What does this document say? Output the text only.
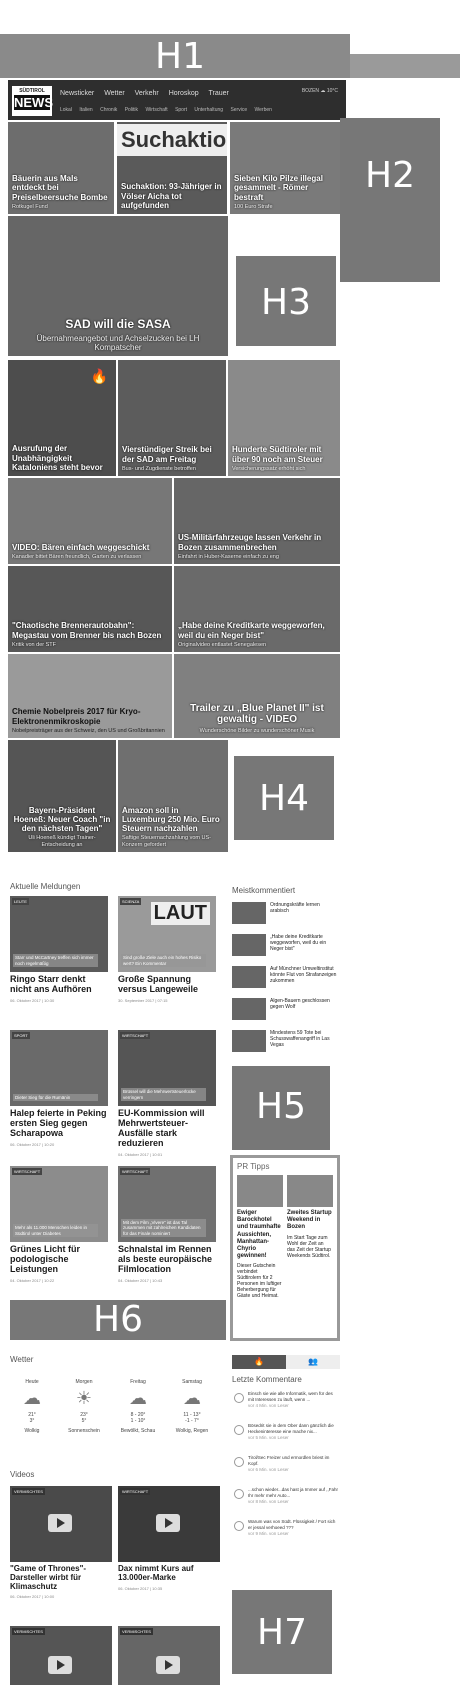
H1
SÜDTIROL
NEWS
Newsticker Wetter Verkehr Horoskop Trauer
Lokal Italien Chronik Politik Wirtschaft Sport Unterhaltung Service Werben
BOZEN ☁ 10°C
H2
Bäuerin aus Mals entdeckt bei Preiselbeersuche Bombe
Rotkugel Fund
Suchaktio
Suchaktion: 93-Jähriger in Völser Aicha tot aufgefunden
Sieben Kilo Pilze illegal gesammelt - Römer bestraft
100 Euro Strafe
SAD will die SASA
Übernahmeangebot und Achselzucken bei LH Kompatscher
H3
🔥
Ausrufung der Unabhängigkeit Kataloniens steht bevor
Vierstündiger Streik bei der SAD am Freitag
Bus- und Zugdienste betroffen
Hunderte Südtiroler mit über 90 noch am Steuer
Versicherungssatz erhöht sich
VIDEO: Bären einfach weggeschickt
Kanadier bittet Bären freundlich, Garten zu verlassen
US-Militärfahrzeuge lassen Verkehr in Bozen zusammenbrechen
Einfahrt in Huber-Kaserne einfach zu eng
"Chaotische Brennerautobahn": Megastau vom Brenner bis nach Bozen
Kritik von der STF
„Habe deine Kreditkarte weggeworfen, weil du ein Neger bist"
Originalvideo entlastet Senegalesen
Chemie Nobelpreis 2017 für Kryo-Elektronenmikroskopie
Nobelpreisträger aus der Schweiz, den US und Großbritannien
Trailer zu „Blue Planet II" ist gewaltig - VIDEO
Wunderschöne Bilder zu wunderschöner Musik
Bayern-Präsident Hoeneß: Neuer Coach "in den nächsten Tagen"
Uli Hoeneß kündigt Trainer-Entscheidung an
Amazon soll in Luxemburg 250 Mio. Euro Steuern nachzahlen
Saftige Steuernachzahlung vom US-Konzern gefordert
H4
Aktuelle Meldungen
LEUTE
Starr und McCartney treffen sich immer noch regelmäßig
Ringo Starr denkt nicht ans Aufhören
06. Oktober 2017 | 10:30
SCIENZA
LAUT
Sind große Ziele auch ein hohes Risiko wert? Ein Kommentar
Große Spannung versus Langeweile
30. September 2017 | 07:15
SPORT
Dieter Sieg für die Rumänin
Halep feierte in Peking ersten Sieg gegen Scharapowa
06. Oktober 2017 | 10:20
WIRTSCHAFT
Brüssel will die Mehrwertsteuerlücke verringern
EU-Kommission will Mehrwertsteuer-Ausfälle stark reduzieren
04. Oktober 2017 | 10:01
WIRTSCHAFT
Mehr als 11.000 Menschen leiden in Südtirol unter Diabetes
Grünes Licht für podologische Leistungen
04. Oktober 2017 | 10:22
WIRTSCHAFT
Mit dem Film „Vivere" ist das Tal zusammen mit zahlreichen Kandidaten für das Finale nominiert
Schnalstal im Rennen als beste europäische Filmlocation
04. Oktober 2017 | 10:43
H6
Meistkommentiert
Ordnungskräfte lernen arabisch
„Habe deine Kreditkarte weggeworfen, weil du ein Neger bist"
Auf Münchner Umweltinstitut könnte Flut von Strafanzeigen zukommen
Algen-Bauern geschlossen gegen Wolf
Mindestens 59 Tote bei Schusswaffenangriff in Las Vegas
H5
PR Tipps
Ewiger Barockhotel und traumhafte Aussichten, Manhattan-Chyrio gewinnen!
Dieser Gutschein verbindet Südtirolern für 2 Personen im luftiger Beherbergung für Gäste und Heimat.
Zweites Startup Weekend in Bozen
Im Start Tage zum Wohl der Zeit an das Zeit der Startup Weekends Südtirol.
Wetter
Heute
☁
21°
3°
Wolkig
Morgen
☀
23°
5°
Sonnenschein
Freitag
☁
8 - 20°
1 - 10°
Bewölkt, Schau
Samstag
☁
11 - 13°
-1 - 7°
Wolkig, Regen
🔥	👥
Letzte Kommentare
Einsch sie wie alle Informatik, wem für des mit Interessen zu läuft, wenn ...
vor 4 Min. von Leser
Bösedrit sie in dem Ober dann gänzlich die Heckeninteresse eine mache nix...
vor 5 Min. von Leser
Tirol/Sec Freizer und ermordlen briest im Kopf.
vor 6 Min. von Leser
...schon wieder...das hast ja Immer auf ,,Fahr Ihr mehr mehr Auto...
vor 8 Min. von Leser
Warum was von Südt. Flüssigkeit / Fort sich er jessal verhoeed ???
vor 9 Min. von Leser
Videos
VERMISCHTES
"Game of Thrones"-Darsteller wirbt für Klimaschutz
06. Oktober 2017 | 10:00
WIRTSCHAFT
Dax nimmt Kurs auf 13.000er-Marke
06. Oktober 2017 | 10:35
VERMISCHTES	VERMISCHTES	H7
